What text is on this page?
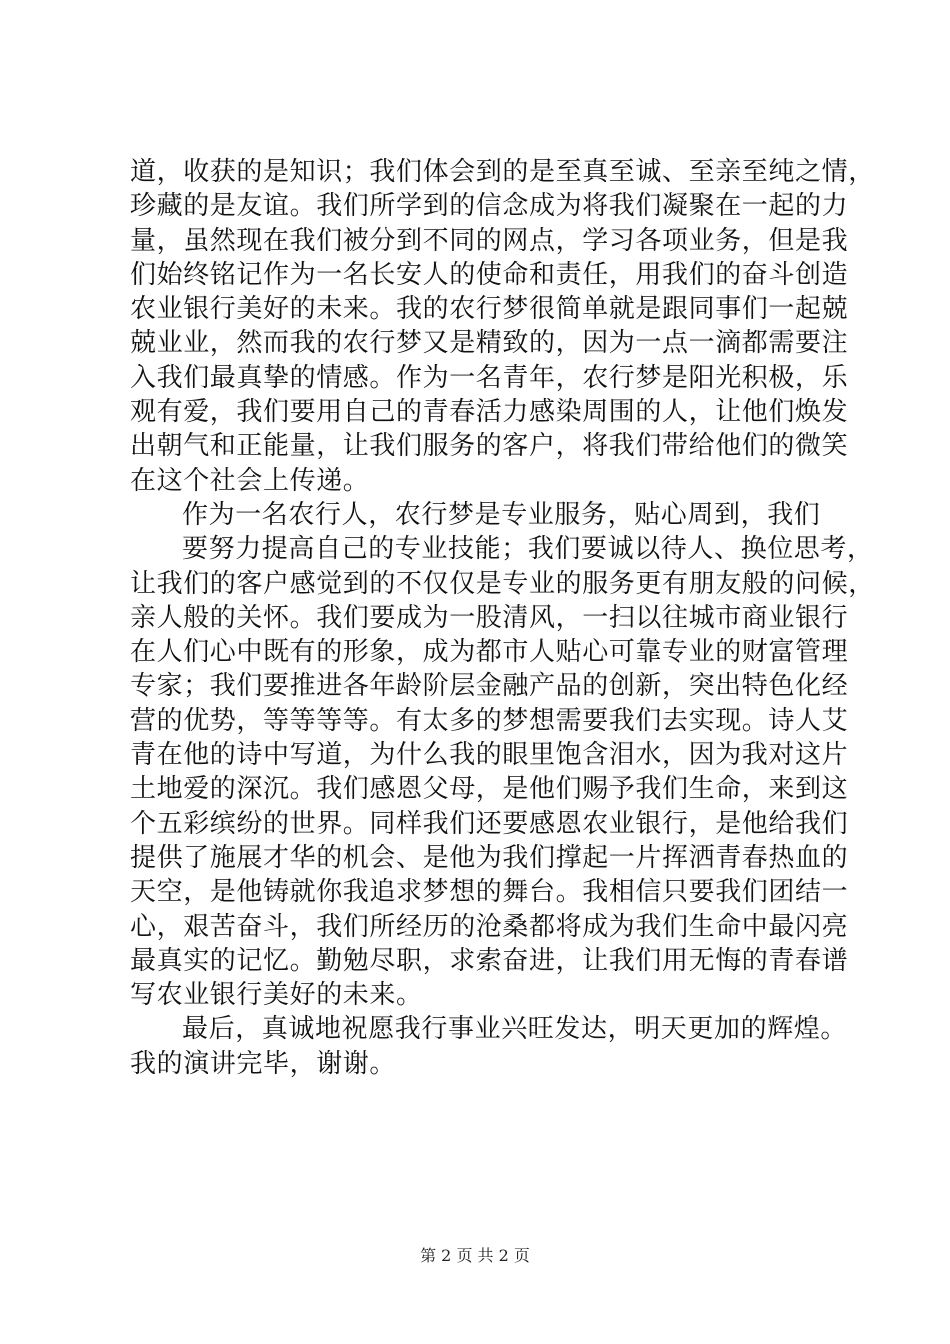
道，收获的是知识；我们体会到的是至真至诚、至亲至纯之情，
珍藏的是友谊。我们所学到的信念成为将我们凝聚在一起的力
量，虽然现在我们被分到不同的网点，学习各项业务，但是我
们始终铭记作为一名长安人的使命和责任，用我们的奋斗创造
农业银行美好的未来。我的农行梦很简单就是跟同事们一起兢
兢业业，然而我的农行梦又是精致的，因为一点一滴都需要注
入我们最真挚的情感。作为一名青年，农行梦是阳光积极，乐
观有爱，我们要用自己的青春活力感染周围的人，让他们焕发
出朝气和正能量，让我们服务的客户，将我们带给他们的微笑
在这个社会上传递。
作为一名农行人，农行梦是专业服务，贴心周到，我们
要努力提高自己的专业技能；我们要诚以待人、换位思考，
让我们的客户感觉到的不仅仅是专业的服务更有朋友般的问候，
亲人般的关怀。我们要成为一股清风，一扫以往城市商业银行
在人们心中既有的形象，成为都市人贴心可靠专业的财富管理
专家；我们要推进各年龄阶层金融产品的创新，突出特色化经
营的优势，等等等等。有太多的梦想需要我们去实现。诗人艾
青在他的诗中写道，为什么我的眼里饱含泪水，因为我对这片
土地爱的深沉。我们感恩父母，是他们赐予我们生命，来到这
个五彩缤纷的世界。同样我们还要感恩农业银行，是他给我们
提供了施展才华的机会、是他为我们撑起一片挥洒青春热血的
天空，是他铸就你我追求梦想的舞台。我相信只要我们团结一
心，艰苦奋斗，我们所经历的沧桑都将成为我们生命中最闪亮
最真实的记忆。勤勉尽职，求索奋进，让我们用无悔的青春谱
写农业银行美好的未来。
最后，真诚地祝愿我行事业兴旺发达，明天更加的辉煌。
我的演讲完毕，谢谢。
第 2 页 共 2 页
